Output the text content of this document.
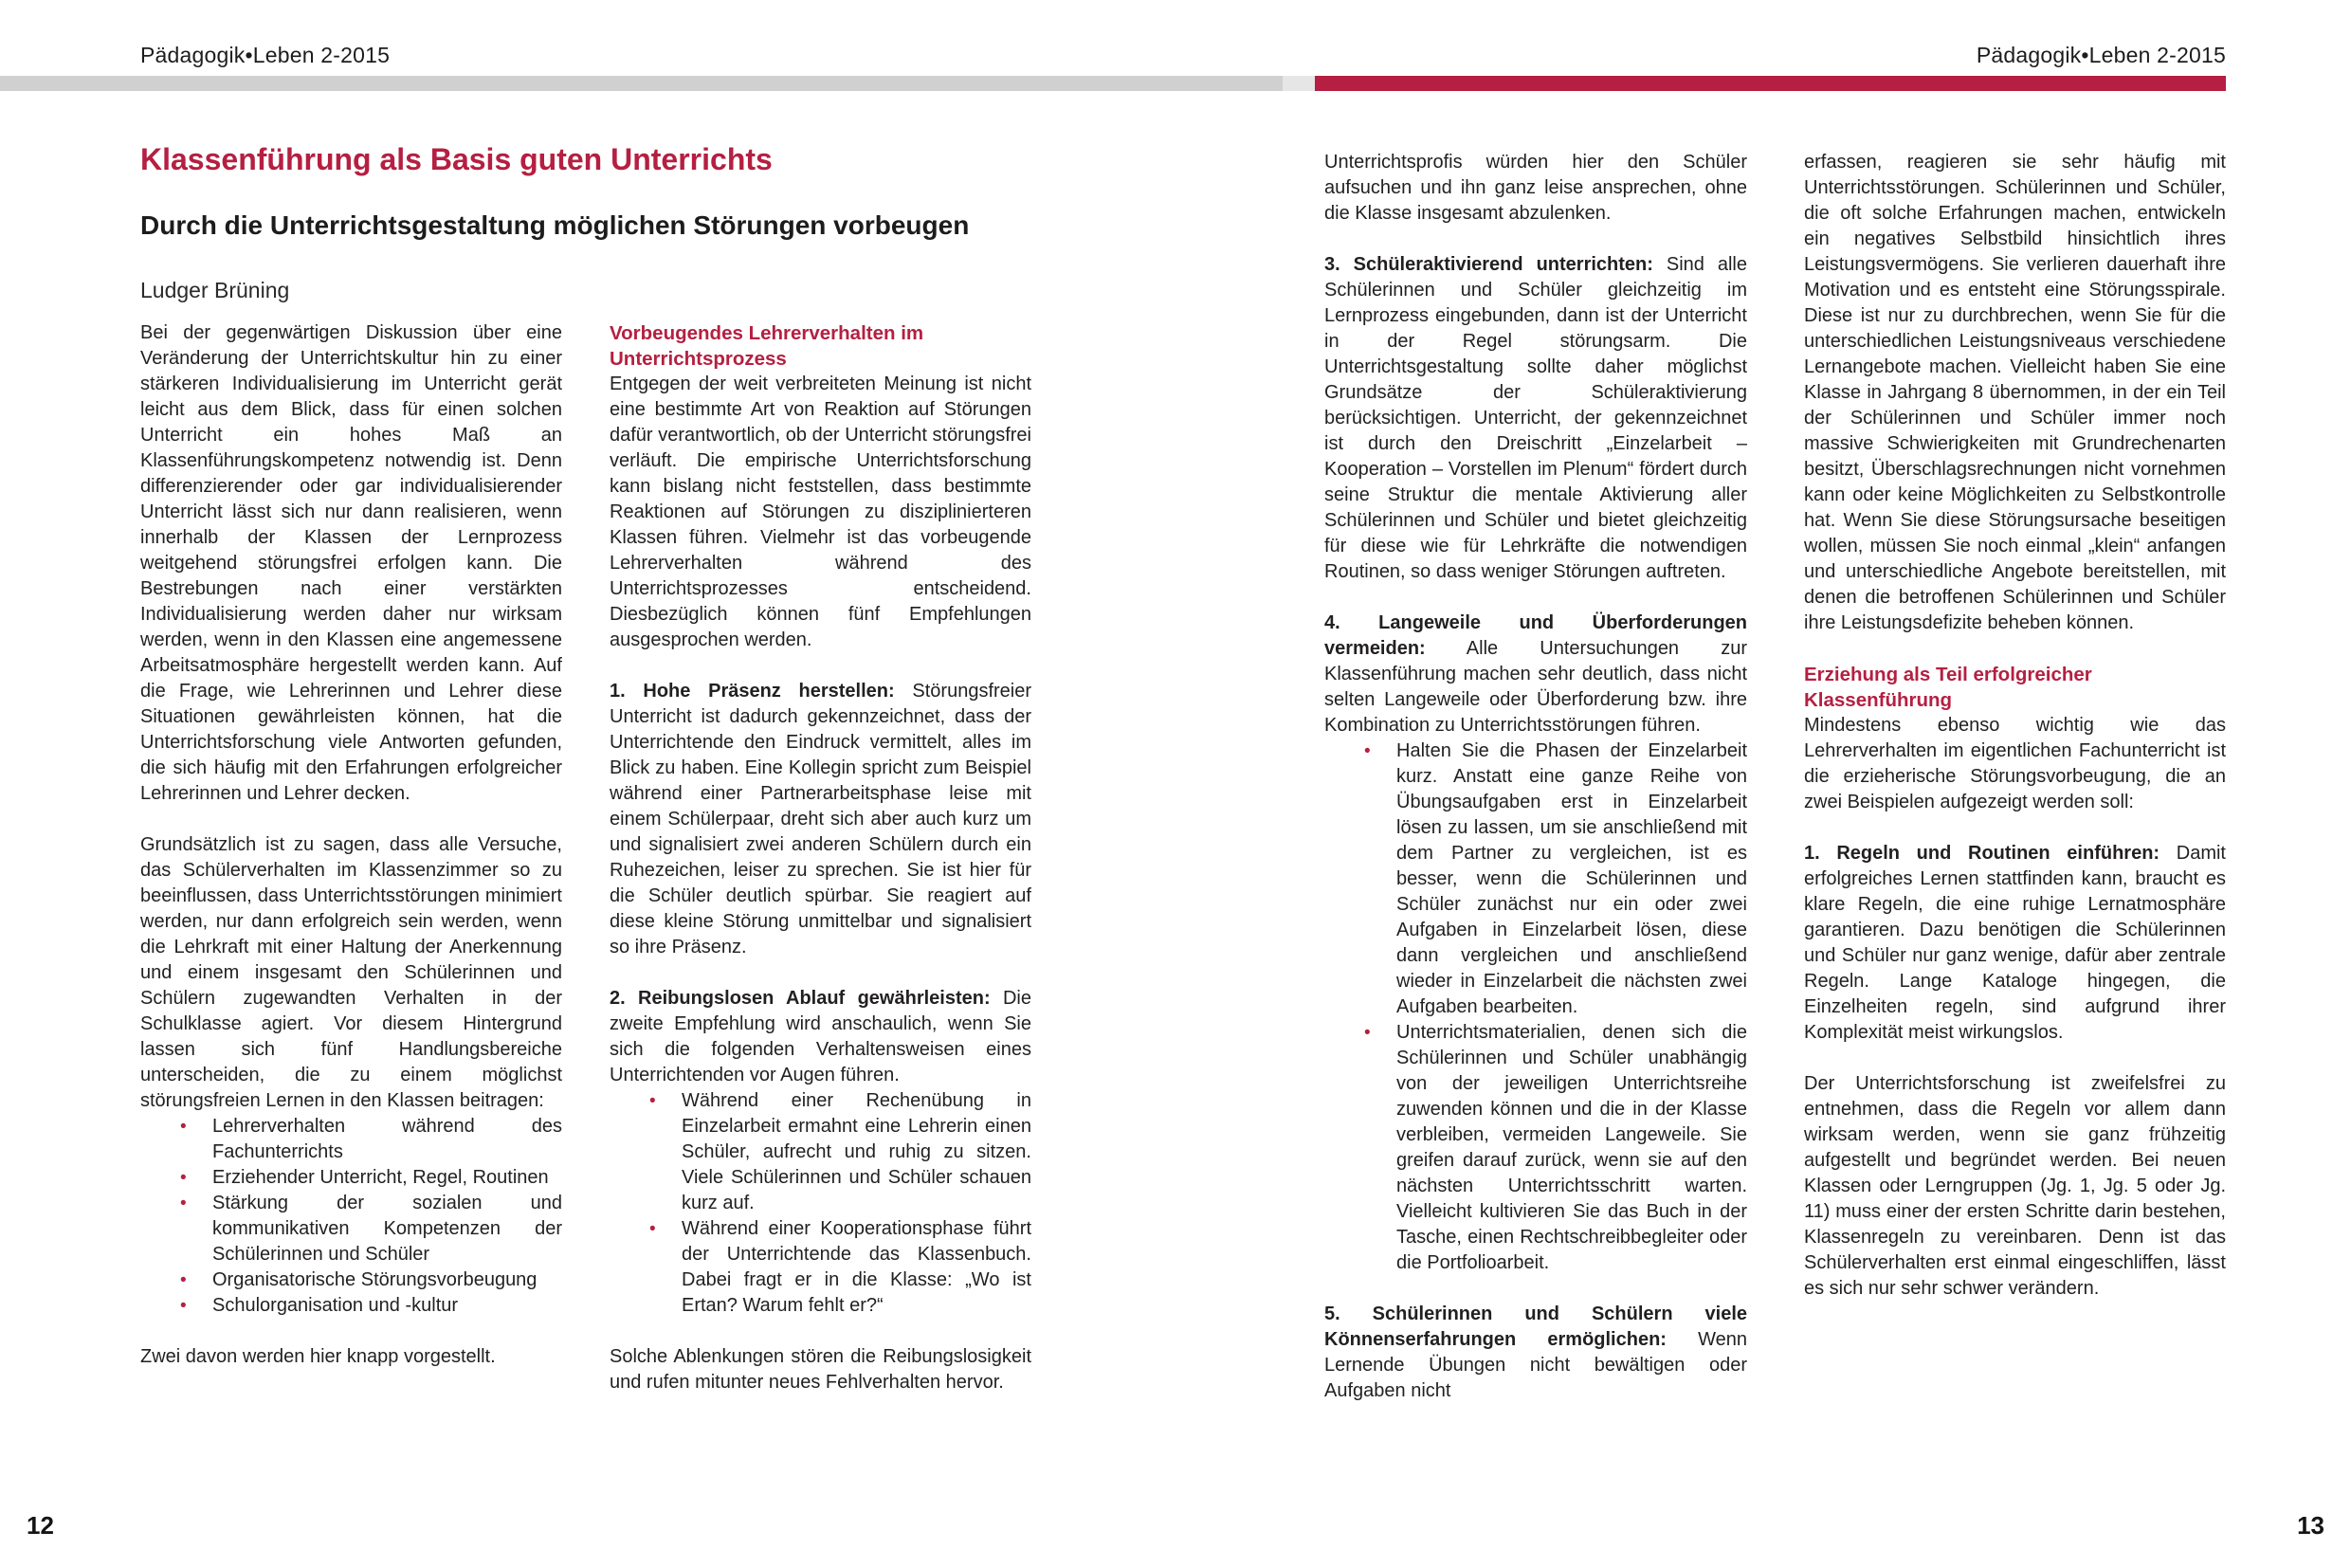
Pädagogik•Leben 2-2015	Pädagogik•Leben 2-2015
Klassenführung als Basis guten Unterrichts
Durch die Unterrichtsgestaltung möglichen Störungen vorbeugen
Ludger Brüning

Bei der gegenwärtigen Diskussion über eine Veränderung der Unterrichtskultur hin zu einer stärkeren Individualisierung im Unterricht gerät leicht aus dem Blick, dass für einen solchen Unterricht ein hohes Maß an Klassenführungskompetenz notwendig ist. Denn differenzierender oder gar individualisierender Unterricht lässt sich nur dann realisieren, wenn innerhalb der Klassen der Lernprozess weitgehend störungsfrei erfolgen kann. Die Bestrebungen nach einer verstärkten Individualisierung werden daher nur wirksam werden, wenn in den Klassen eine angemessene Arbeitsatmosphäre hergestellt werden kann. Auf die Frage, wie Lehrerinnen und Lehrer diese Situationen gewährleisten können, hat die Unterrichtsforschung viele Antworten gefunden, die sich häufig mit den Erfahrungen erfolgreicher Lehrerinnen und Lehrer decken.

Grundsätzlich ist zu sagen, dass alle Versuche, das Schülerverhalten im Klassenzimmer so zu beeinflussen, dass Unterrichtsstörungen minimiert werden, nur dann erfolgreich sein werden, wenn die Lehrkraft mit einer Haltung der Anerkennung und einem insgesamt den Schülerinnen und Schülern zugewandten Verhalten in der Schulklasse agiert. Vor diesem Hintergrund lassen sich fünf Handlungsbereiche unterscheiden, die zu einem möglichst störungsfreien Lernen in den Klassen beitragen:

• Lehrerverhalten während des Fachunterrichts
• Erziehender Unterricht, Regel, Routinen
• Stärkung der sozialen und kommunikativen Kompetenzen der Schülerinnen und Schüler
• Organisatorische Störungsvorbeugung
• Schulorganisation und -kultur

Zwei davon werden hier knapp vorgestellt.

Vorbeugendes Lehrerverhalten im Unterrichtsprozess

Entgegen der weit verbreiteten Meinung ist nicht eine bestimmte Art von Reaktion auf Störungen dafür verantwortlich, ob der Unterricht störungsfrei verläuft. Die empirische Unterrichtsforschung kann bislang nicht feststellen, dass bestimmte Reaktionen auf Störungen zu disziplinierteren Klassen führen. Vielmehr ist das vorbeugende Lehrerverhalten während des Unterrichtsprozesses entscheidend. Diesbezüglich können fünf Empfehlungen ausgesprochen werden.

1. Hohe Präsenz herstellen: Störungsfreier Unterricht ist dadurch gekennzeichnet, dass der Unterrichtende den Eindruck vermittelt, alles im Blick zu haben. Eine Kollegin spricht zum Beispiel während einer Partnerarbeitsphase leise mit einem Schülerpaar, dreht sich aber auch kurz um und signalisiert zwei anderen Schülern durch ein Ruhezeichen, leiser zu sprechen. Sie ist hier für die Schüler deutlich spürbar. Sie reagiert auf diese kleine Störung unmittelbar und signalisiert so ihre Präsenz.

2. Reibungslosen Ablauf gewährleisten: Die zweite Empfehlung wird anschaulich, wenn Sie sich die folgenden Verhaltensweisen eines Unterrichtenden vor Augen führen.

• Während einer Rechenübung in Einzelarbeit ermahnt eine Lehrerin einen Schüler, aufrecht und ruhig zu sitzen. Viele Schülerinnen und Schüler schauen kurz auf.
• Während einer Kooperationsphase führt der Unterrichtende das Klassenbuch. Dabei fragt er in die Klasse: „Wo ist Ertan? Warum fehlt er?“

Solche Ablenkungen stören die Reibungslosigkeit und rufen mitunter neues Fehlverhalten hervor.

Unterrichtsprofis würden hier den Schüler aufsuchen und ihn ganz leise ansprechen, ohne die Klasse insgesamt abzulenken.

3. Schüleraktivierend unterrichten: Sind alle Schülerinnen und Schüler gleichzeitig im Lernprozess eingebunden, dann ist der Unterricht in der Regel störungsarm. Die Unterrichtsgestaltung sollte daher möglichst Grundsätze der Schüleraktivierung berücksichtigen. Unterricht, der gekennzeichnet ist durch den Dreischritt „Einzelarbeit – Kooperation – Vorstellen im Plenum“ fördert durch seine Struktur die mentale Aktivierung aller Schülerinnen und Schüler und bietet gleichzeitig für diese wie für Lehrkräfte die notwendigen Routinen, so dass weniger Störungen auftreten.

4. Langeweile und Überforderungen vermeiden: Alle Untersuchungen zur Klassenführung machen sehr deutlich, dass nicht selten Langeweile oder Überforderung bzw. ihre Kombination zu Unterrichtsstörungen führen.

• Halten Sie die Phasen der Einzelarbeit kurz. Anstatt eine ganze Reihe von Übungsaufgaben erst in Einzelarbeit lösen zu lassen, um sie anschließend mit dem Partner zu vergleichen, ist es besser, wenn die Schülerinnen und Schüler zunächst nur ein oder zwei Aufgaben in Einzelarbeit lösen, diese dann vergleichen und anschließend wieder in Einzelarbeit die nächsten zwei Aufgaben bearbeiten.
• Unterrichtsmaterialien, denen sich die Schülerinnen und Schüler unabhängig von der jeweiligen Unterrichtsreihe zuwenden können und die in der Klasse verbleiben, vermeiden Langeweile. Sie greifen darauf zurück, wenn sie auf den nächsten Unterrichtsschritt warten. Vielleicht kultivieren Sie das Buch in der Tasche, einen Rechtschreibbegleiter oder die Portfolioarbeit.

5. Schülerinnen und Schülern viele Könnenserfahrungen ermöglichen: Wenn Lernende Übungen nicht bewältigen oder Aufgaben nicht

erfassen, reagieren sie sehr häufig mit Unterrichtsstörungen. Schülerinnen und Schüler, die oft solche Erfahrungen machen, entwickeln ein negatives Selbstbild hinsichtlich ihres Leistungsvermögens. Sie verlieren dauerhaft ihre Motivation und es entsteht eine Störungsspirale. Diese ist nur zu durchbrechen, wenn Sie für die unterschiedlichen Leistungsniveaus verschiedene Lernangebote machen. Vielleicht haben Sie eine Klasse in Jahrgang 8 übernommen, in der ein Teil der Schülerinnen und Schüler immer noch massive Schwierigkeiten mit Grundrechenarten besitzt, Überschlagsrechnungen nicht vornehmen kann oder keine Möglichkeiten zu Selbstkontrolle hat. Wenn Sie diese Störungsursache beseitigen wollen, müssen Sie noch einmal „klein“ anfangen und unterschiedliche Angebote bereitstellen, mit denen die betroffenen Schülerinnen und Schüler ihre Leistungsdefizite beheben können.

Erziehung als Teil erfolgreicher Klassenführung

Mindestens ebenso wichtig wie das Lehrerverhalten im eigentlichen Fachunterricht ist die erzieherische Störungsvorbeugung, die an zwei Beispielen aufgezeigt werden soll:

1. Regeln und Routinen einführen: Damit erfolgreiches Lernen stattfinden kann, braucht es klare Regeln, die eine ruhige Lernatmosphäre garantieren. Dazu benötigen die Schülerinnen und Schüler nur ganz wenige, dafür aber zentrale Regeln. Lange Kataloge hingegen, die Einzelheiten regeln, sind aufgrund ihrer Komplexität meist wirkungslos.

Der Unterrichtsforschung ist zweifelsfrei zu entnehmen, dass die Regeln vor allem dann wirksam werden, wenn sie ganz frühzeitig aufgestellt und begründet werden. Bei neuen Klassen oder Lerngruppen (Jg. 1, Jg. 5 oder Jg. 11) muss einer der ersten Schritte darin bestehen, Klassenregeln zu vereinbaren. Denn ist das Schülerverhalten erst einmal eingeschliffen, lässt es sich nur sehr schwer verändern.

12	13
